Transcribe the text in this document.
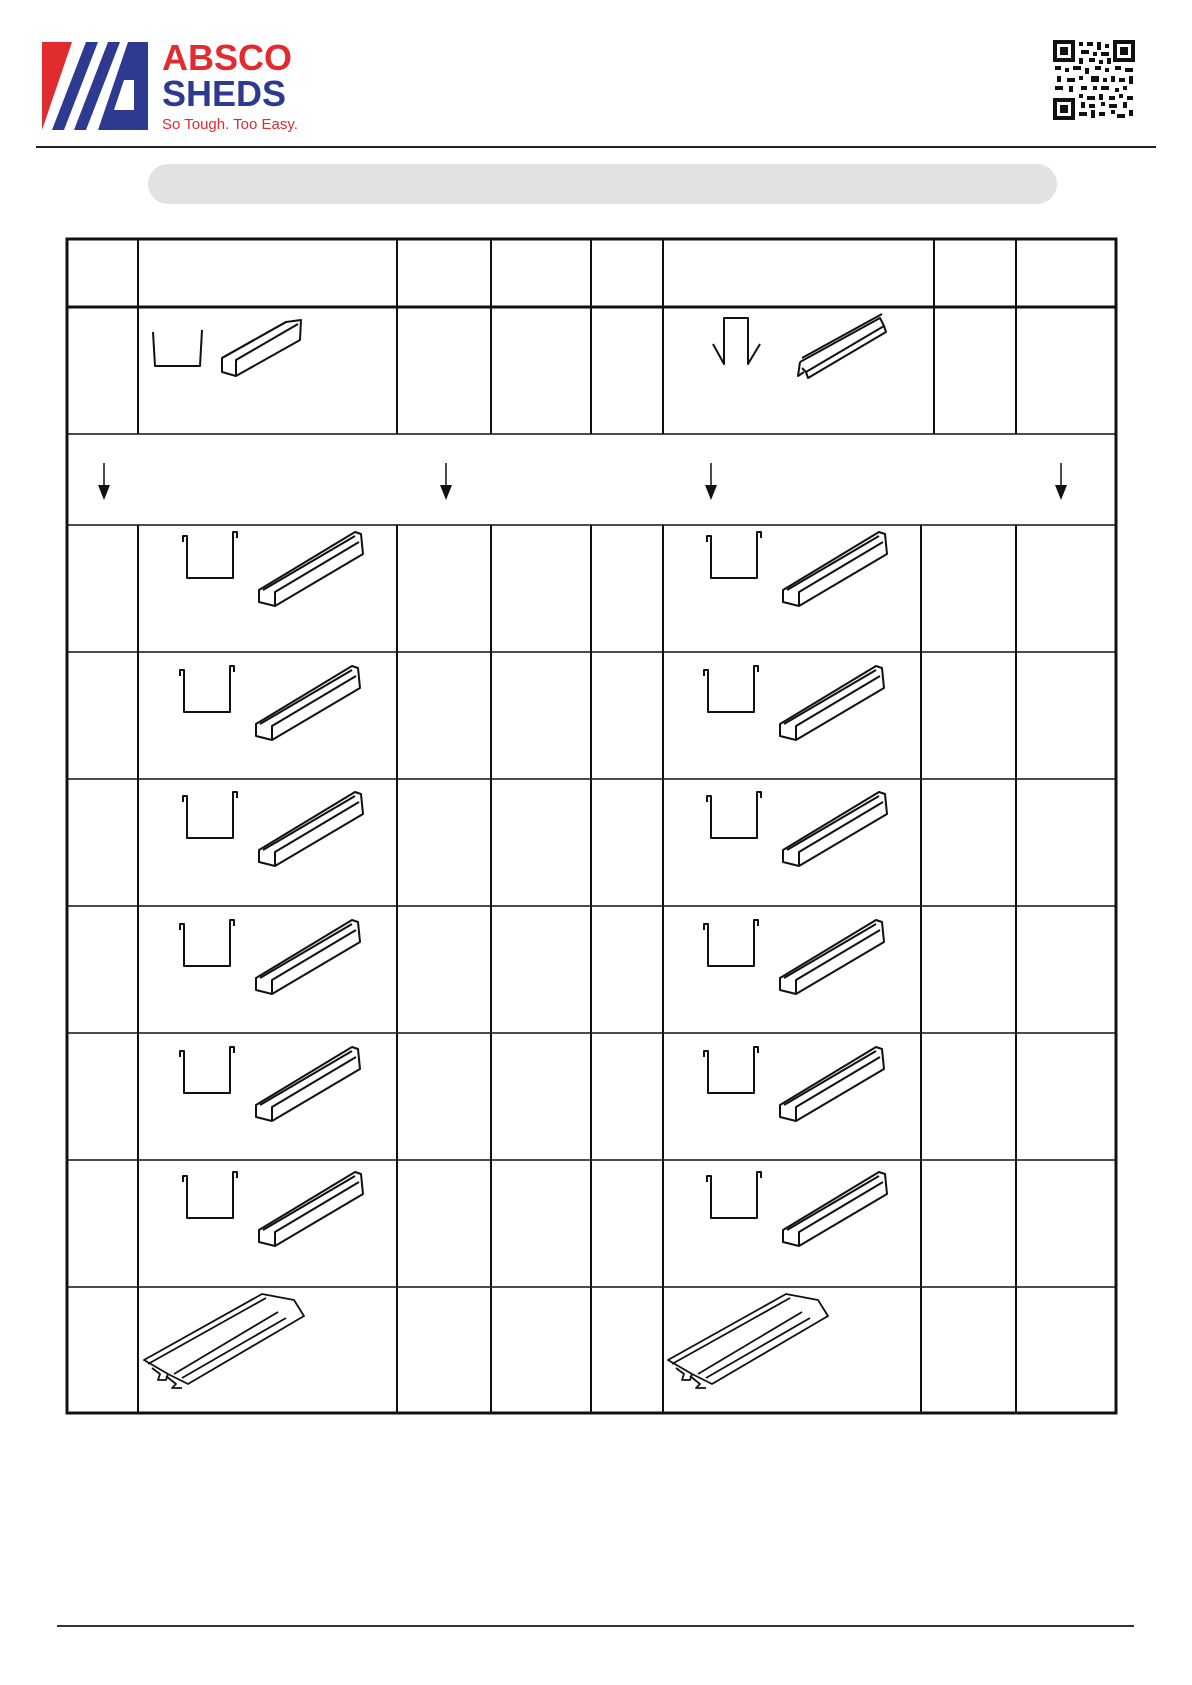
ABSCO
SHEDS
So Tough. Too Easy.
